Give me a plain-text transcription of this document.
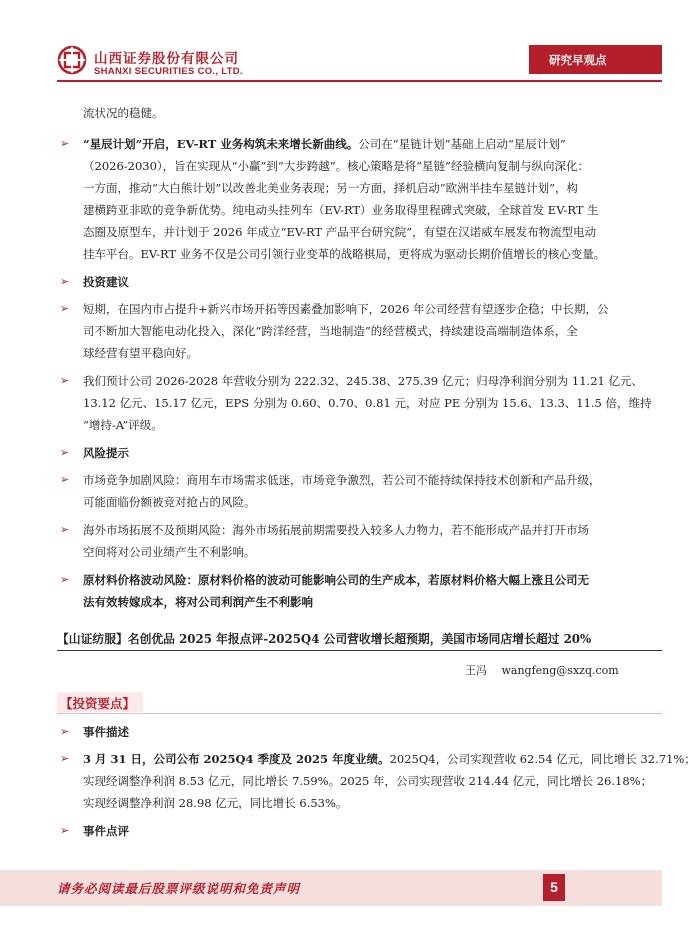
山西证券股份有限公司
SHANXI SECURITIES CO., LTD.
研究早观点
流状况的稳健。
➢ “星辰计划”开启，EV-RT 业务构筑未来增长新曲线。公司在“星链计划”基础上启动“星辰计划”
（2026-2030），旨在实现从“小赢”到“大步跨越”。核心策略是将“星链”经验横向复制与纵向深化：
一方面，推动“大白熊计划”以改善北美业务表现；另一方面，择机启动“欧洲半挂车星链计划”，构
建横跨亚非欧的竞争新优势。纯电动头挂列车（EV-RT）业务取得里程碑式突破，全球首发 EV-RT 生
态圈及原型车，并计划于 2026 年成立“EV-RT 产品平台研究院”，有望在汉诺威车展发布物流型电动
挂车平台。EV-RT 业务不仅是公司引领行业变革的战略棋局，更将成为驱动长期价值增长的核心变量。
➢ 投资建议
➢ 短期，在国内市占提升+新兴市场开拓等因素叠加影响下，2026 年公司经营有望逐步企稳；中长期，公
司不断加大智能电动化投入，深化“跨洋经营，当地制造”的经营模式，持续建设高端制造体系，全
球经营有望平稳向好。
➢ 我们预计公司 2026-2028 年营收分别为 222.32、245.38、275.39 亿元；归母净利润分别为 11.21 亿元、
13.12 亿元、15.17 亿元，EPS 分别为 0.60、0.70、0.81 元，对应 PE 分别为 15.6、13.3、11.5 倍，维持
“增持-A”评级。
➢ 风险提示
➢ 市场竞争加剧风险：商用车市场需求低迷，市场竞争激烈，若公司不能持续保持技术创新和产品升级，
可能面临份额被竞对抢占的风险。
➢ 海外市场拓展不及预期风险：海外市场拓展前期需要投入较多人力物力，若不能形成产品并打开市场
空间将对公司业绩产生不利影响。
➢ 原材料价格波动风险：原材料价格的波动可能影响公司的生产成本，若原材料价格大幅上涨且公司无
法有效转嫁成本，将对公司利润产生不利影响
【山证纺服】名创优品 2025 年报点评-2025Q4 公司营收增长超预期，美国市场同店增长超过 20%
王冯　 wangfeng@sxzq.com
【投资要点】
➢ 事件描述
➢ 3 月 31 日，公司公布 2025Q4 季度及 2025 年度业绩。2025Q4，公司实现营收 62.54 亿元，同比增长 32.71%；
实现经调整净利润 8.53 亿元，同比增长 7.59%。2025 年，公司实现营收 214.44 亿元，同比增长 26.18%；
实现经调整净利润 28.98 亿元，同比增长 6.53%。
➢ 事件点评
请务必阅读最后股票评级说明和免责声明	5
